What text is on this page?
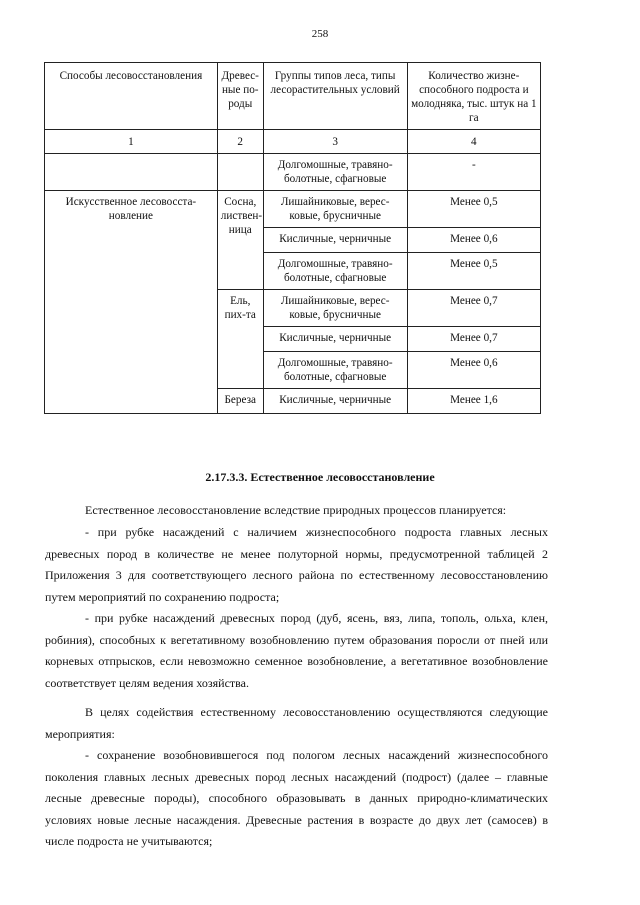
258
Способы лесовосстановления	Древес-ные по-роды	Группы типов леса, типы лесорастительных условий	Количество жизне-способного подроста и молодняка, тыс. штук на 1 га
1	2	3	4
		Долгомошные, травяно-болотные, сфагновые	-
Искусственное лесовосста-новление	Сосна, листвен-ница	Лишайниковые, верес-ковые, брусничные	Менее 0,5
		Кисличные, черничные	Менее 0,6
		Долгомошные, травяно-болотные, сфагновые	Менее 0,5
	Ель, пих-та	Лишайниковые, верес-ковые, брусничные	Менее 0,7
		Кисличные, черничные	Менее 0,7
		Долгомошные, травяно-болотные, сфагновые	Менее 0,6
	Береза	Кисличные, черничные	Менее 1,6
2.17.3.3. Естественное лесовосстановление

Естественное лесовосстановление вследствие природных процессов планируется:

- при рубке насаждений с наличием жизнеспособного подроста главных лесных древесных пород в количестве не менее полуторной нормы, предусмотренной таблицей 2 Приложения 3 для соответствующего лесного района по естественному лесовосстановлению путем мероприятий по сохранению подроста;

- при рубке насаждений древесных пород (дуб, ясень, вяз, липа, тополь, ольха, клен, робиния), способных к вегетативному возобновлению путем образования поросли от пней или корневых отпрысков, если невозможно семенное возобновление, а вегетативное возобновление соответствует целям ведения хозяйства.

В целях содействия естественному лесовосстановлению осуществляются следующие мероприятия:

- сохранение возобновившегося под пологом лесных насаждений жизнеспособного поколения главных лесных древесных пород лесных насаждений (подрост) (далее – главные лесные древесные породы), способного образовывать в данных природно-климатических условиях новые лесные насаждения. Древесные растения в возрасте до двух лет (самосев) в числе подроста не учитываются;
